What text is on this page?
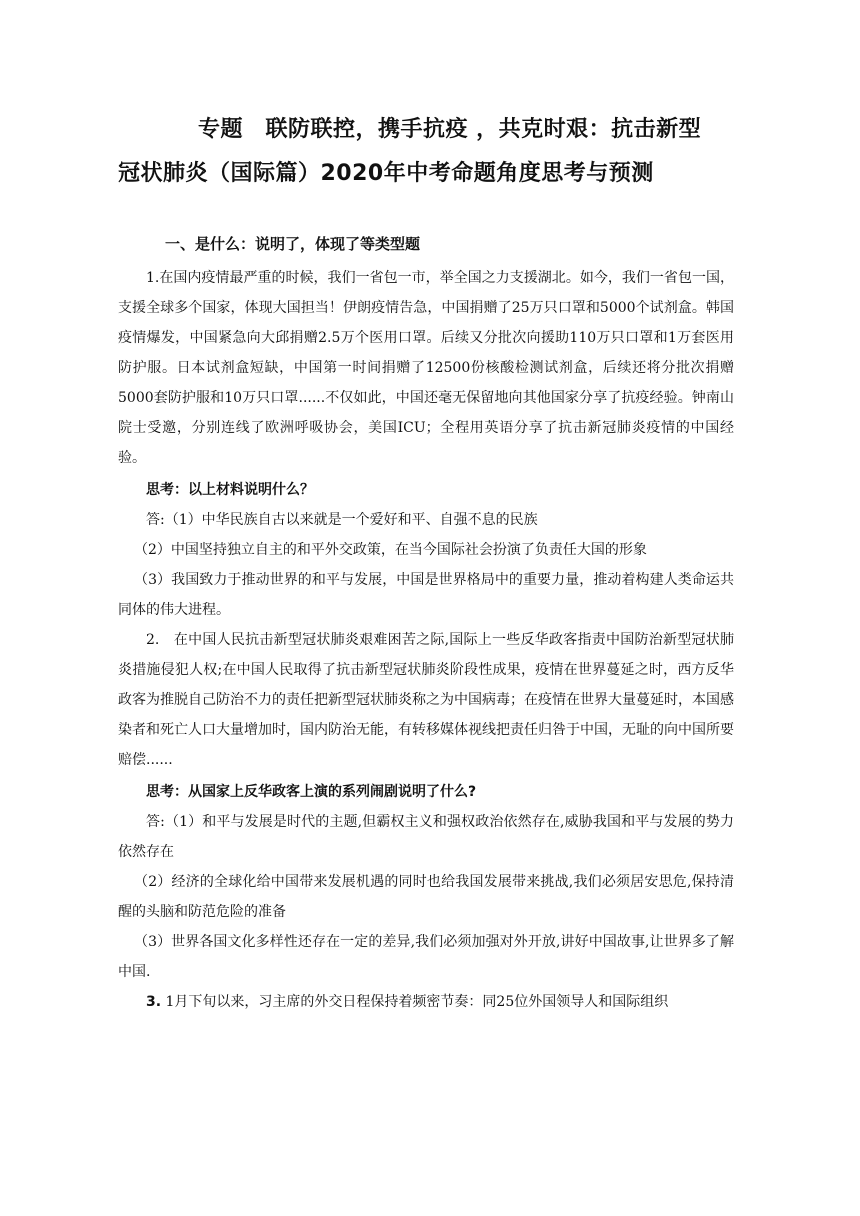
专题　联防联控，携手抗疫 ，共克时艰：抗击新型
冠状肺炎（国际篇）2020年中考命题角度思考与预测
一、是什么：说明了，体现了等类型题

1.在国内疫情最严重的时候，我们一省包一市，举全国之力支援湖北。如今，我们一省包一国，支援全球多个国家，体现大国担当！伊朗疫情告急，中国捐赠了25万只口罩和5000个试剂盒。韩国疫情爆发，中国紧急向大邱捐赠2.5万个医用口罩。后续又分批次向援助110万只口罩和1万套医用防护服。日本试剂盒短缺，中国第一时间捐赠了12500份核酸检测试剂盒，后续还将分批次捐赠5000套防护服和10万只口罩......不仅如此，中国还毫无保留地向其他国家分享了抗疫经验。钟南山院士受邀，分别连线了欧洲呼吸协会，美国ICU；全程用英语分享了抗击新冠肺炎疫情的中国经验。

思考：以上材料说明什么？

答:（1）中华民族自古以来就是一个爱好和平、自强不息的民族

（2）中国坚持独立自主的和平外交政策，在当今国际社会扮演了负责任大国的形象

（3）我国致力于推动世界的和平与发展，中国是世界格局中的重要力量，推动着构建人类命运共同体的伟大进程。

2.　在中国人民抗击新型冠状肺炎艰难困苦之际,国际上一些反华政客指责中国防治新型冠状肺炎措施侵犯人权;在中国人民取得了抗击新型冠状肺炎阶段性成果，疫情在世界蔓延之时，西方反华政客为推脱自己防治不力的责任把新型冠状肺炎称之为中国病毒；在疫情在世界大量蔓延时，本国感染者和死亡人口大量增加时，国内防治无能，有转移媒体视线把责任归咎于中国，无耻的向中国所要赔偿......

思考：从国家上反华政客上演的系列闹剧说明了什么?

答:（1）和平与发展是时代的主题,但霸权主义和强权政治依然存在,威胁我国和平与发展的势力依然存在

（2）经济的全球化给中国带来发展机遇的同时也给我国发展带来挑战,我们必须居安思危,保持清醒的头脑和防范危险的准备

（3）世界各国文化多样性还存在一定的差异,我们必须加强对外开放,讲好中国故事,让世界多了解中国.

3. 1月下旬以来，习主席的外交日程保持着频密节奏：同25位外国领导人和国际组织
